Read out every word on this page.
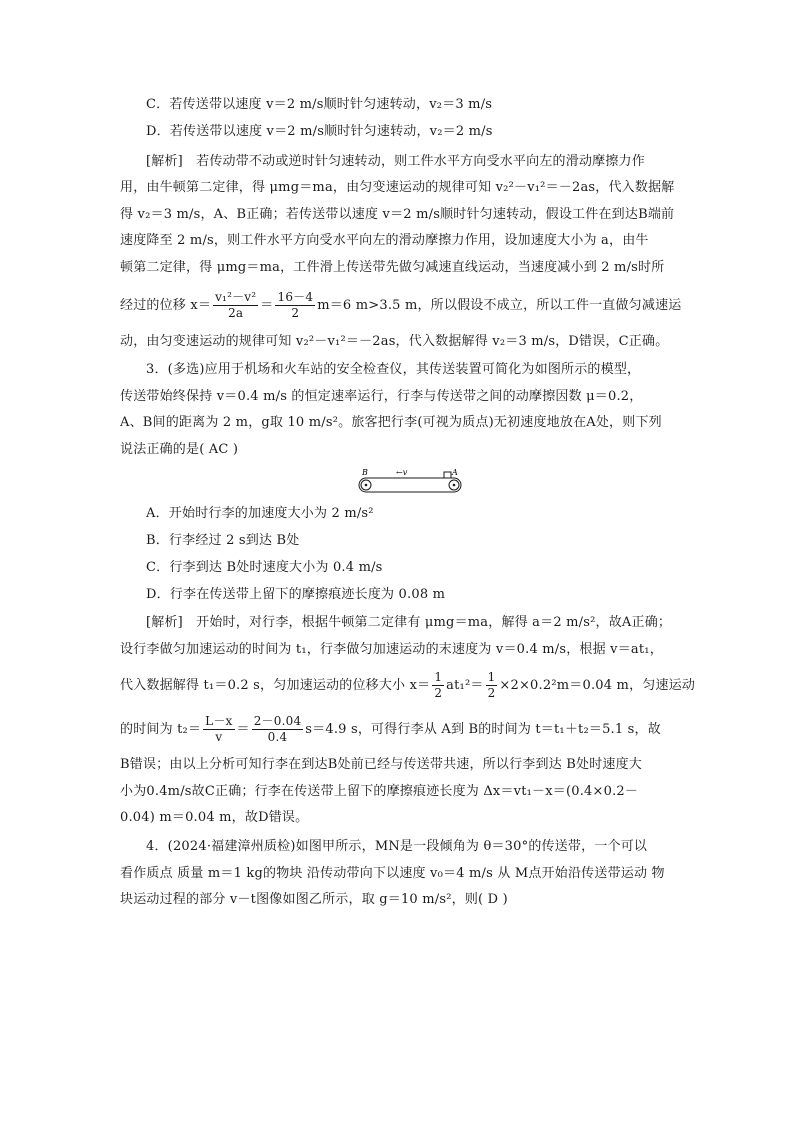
C．若传送带以速度 v＝2 m/s顺时针匀速转动，v₂＝3 m/s
D．若传送带以速度 v＝2 m/s顺时针匀速转动，v₂＝2 m/s
[解析]　若传动带不动或逆时针匀速转动，则工件水平方向受水平向左的滑动摩擦力作
用，由牛顿第二定律，得 μmg＝ma，由匀变速运动的规律可知 v₂²－v₁²＝－2as，代入数据解
得 v₂＝3 m/s，A、B正确；若传送带以速度 v＝2 m/s顺时针匀速转动，假设工件在到达B端前
速度降至 2 m/s，则工件水平方向受水平向左的滑动摩擦力作用，设加速度大小为 a，由牛
顿第二定律，得 μmg＝ma，工件滑上传送带先做匀减速直线运动，当速度减小到 2 m/s时所
经过的位移 $x= \frac{\text{v₁²－v²}}{2a} = \frac{16-4}{2} m=6$ m>3.5 m，所以假设不成立，所以工件一直做匀减速运
动，由匀变速运动的规律可知 v₂²－v₁²＝－2as，代入数据解得 v₂＝3 m/s，D错误，C正确。
3．(多选)应用于机场和火车站的安全检查仪，其传送装置可简化为如图所示的模型，
传送带始终保持 v＝0.4 m/s 的恒定速率运行，行李与传送带之间的动摩擦因数 μ＝0.2，
A、B间的距离为 2 m，g取 10 m/s²。旅客把行李(可视为质点)无初速度地放在A处，则下列
说法正确的是( AC )
B	A
←v
A．开始时行李的加速度大小为 2 m/s²
B．行李经过 2 s到达 B处
C．行李到达 B处时速度大小为 0.4 m/s
D．行李在传送带上留下的摩擦痕迹长度为 0.08 m
[解析]　开始时，对行李，根据牛顿第二定律有 μmg＝ma，解得 a＝2 m/s²，故A正确；
设行李做匀加速运动的时间为 t₁，行李做匀加速运动的末速度为 v＝0.4 m/s，根据 v＝at₁，
代入数据解得 t₁＝0.2 s，匀加速运动的位移大小 $x= \frac{1}{2} at_1^2= \frac{1}{2} \times 2\times 0.2^2m=0.04$ m，匀速运动
的时间为 $t_2= \frac{L-x}{v} = \frac{2-0.04}{0.4} s=4.9$ s，可得行李从 A到 B的时间为 t＝t₁＋t₂＝5.1 s，故
B错误；由以上分析可知行李在到达B处前已经与传送带共速，所以行李到达 B处时速度大
小为0.4m/s故C正确；行李在传送带上留下的摩擦痕迹长度为 Δx＝vt₁－x＝(0.4×0.2－
0.04) m＝0.04 m，故D错误。
4．(2024·福建漳州质检)如图甲所示，MN是一段倾角为 θ＝30°的传送带，一个可以
看作质点 质量 m＝1 kg的物块 沿传动带向下以速度 v₀＝4 m/s 从 M点开始沿传送带运动 物
块运动过程的部分 v－t图像如图乙所示，取 g＝10 m/s²，则( D )
